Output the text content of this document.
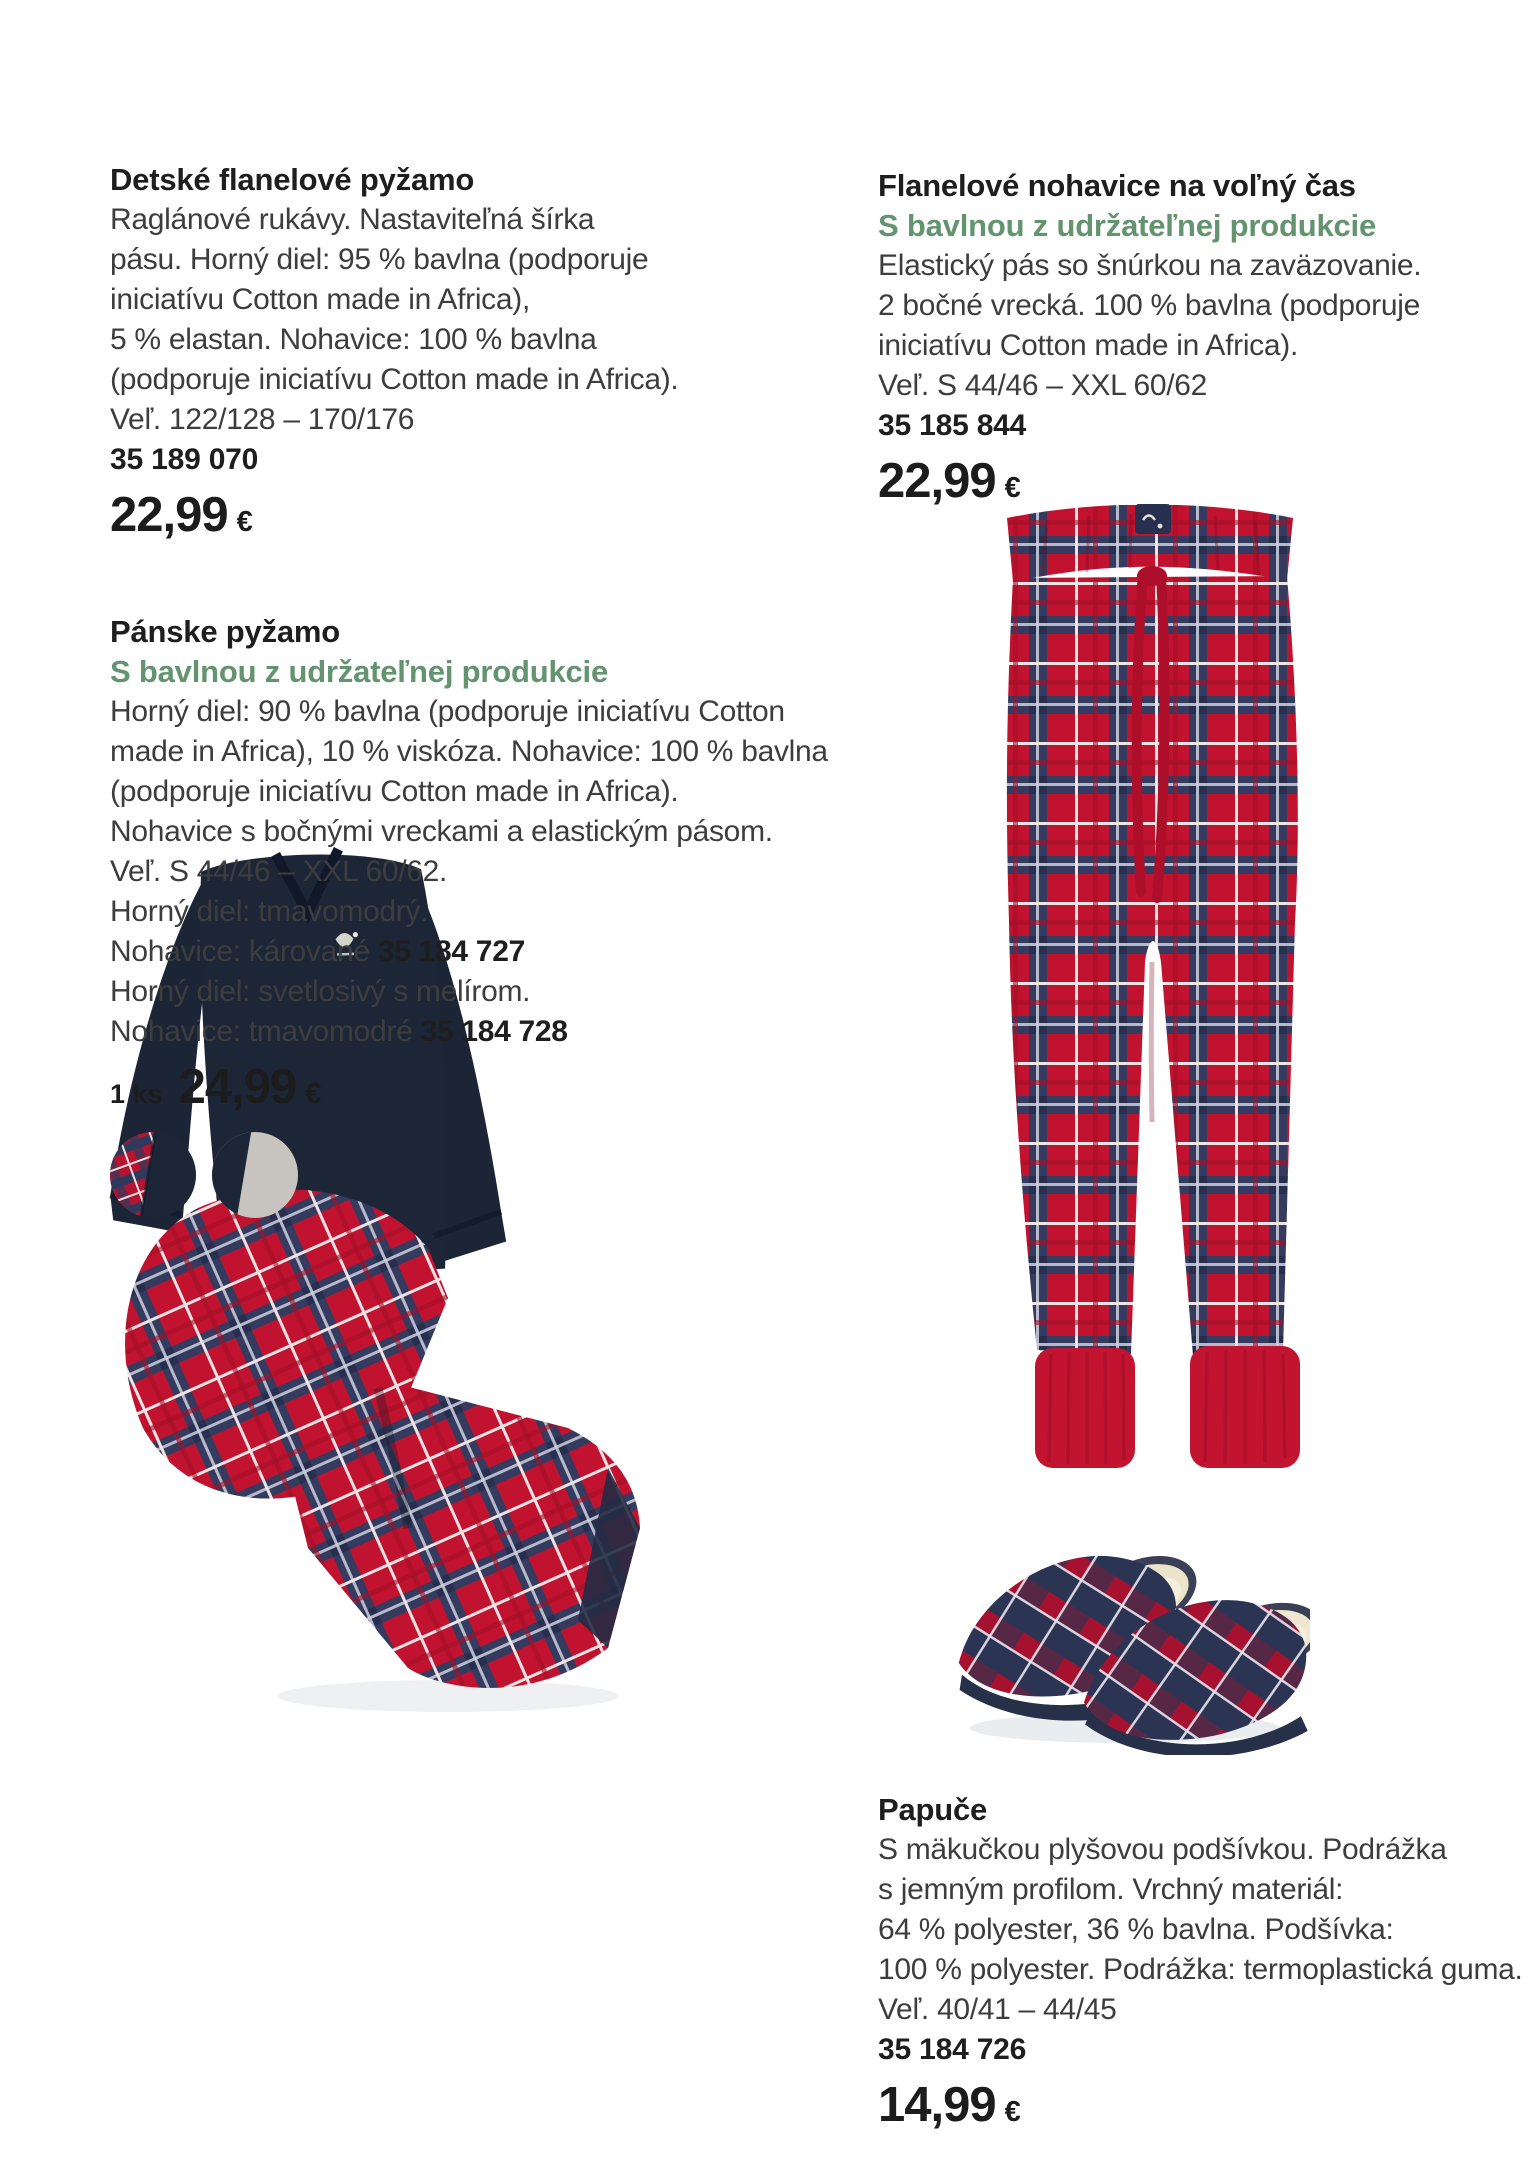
Detské flanelové pyžamo
Raglánové rukávy. Nastaviteľná šírka
pásu. Horný diel: 95 % bavlna (podporuje
iniciatívu Cotton made in Africa),
5 % elastan. Nohavice: 100 % bavlna
(podporuje iniciatívu Cotton made in Africa).
Veľ. 122/128 – 170/176
35 189 070
22,99 €
Flanelové nohavice na voľný čas
S bavlnou z udržateľnej produkcie
Elastický pás so šnúrkou na zaväzovanie.
2 bočné vrecká. 100 % bavlna (podporuje
iniciatívu Cotton made in Africa).
Veľ. S 44/46 – XXL 60/62
35 185 844
22,99 €
Pánske pyžamo
S bavlnou z udržateľnej produkcie
Horný diel: 90 % bavlna (podporuje iniciatívu Cotton
made in Africa), 10 % viskóza. Nohavice: 100 % bavlna
(podporuje iniciatívu Cotton made in Africa).
Nohavice s bočnými vreckami a elastickým pásom.
Veľ. S 44/46 – XXL 60/62.
Horný diel: tmavomodrý.
Nohavice: kárované 35 184 727
Horný diel: svetlosivý s melírom.
Nohavice: tmavomodré 35 184 728
1 ks 24,99 €
Papuče
S mäkučkou plyšovou podšívkou. Podrážka
s jemným profilom. Vrchný materiál:
64 % polyester, 36 % bavlna. Podšívka:
100 % polyester. Podrážka: termoplastická guma.
Veľ. 40/41 – 44/45
35 184 726
14,99 €
